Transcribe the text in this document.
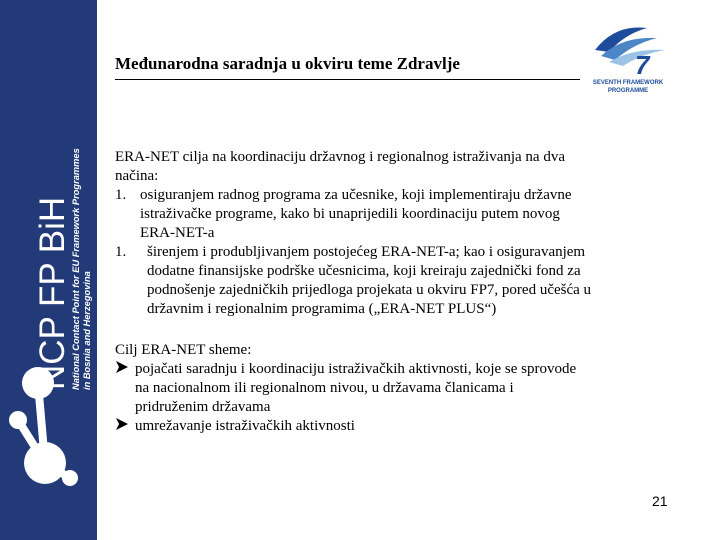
NCP FP BiH National Contact Point for EU Framework Programmes in Bosnia and Herzegovina
Međunarodna saradnja u okviru teme Zdravlje	7
SEVENTH FRAMEWORK
PROGRAMME

ERA-NET cilja na koordinaciju državnog i regionalnog istraživanja na dva

načina:

1. osiguranjem radnog programa za učesnike, koji implementiraju državne

istraživačke programe, kako bi unaprijedili koordinaciju putem novog

ERA-NET-a

1.	širenjem i produbljivanjem postojećeg ERA-NET-a; kao i osiguravanjem

dodatne finansijske podrške učesnicima, koji kreiraju zajednički fond za

podnošenje zajedničkih prijedloga projekata u okviru FP7, pored učešća u

državnim i regionalnim programima („ERA-NET PLUS“)

Cilj ERA-NET sheme:

pojačati saradnju i koordinaciju istraživačkih aktivnosti, koje se sprovode

na nacionalnom ili regionalnom nivou, u državama članicama i

pridruženim državama

umrežavanje istraživačkih aktivnosti

21
